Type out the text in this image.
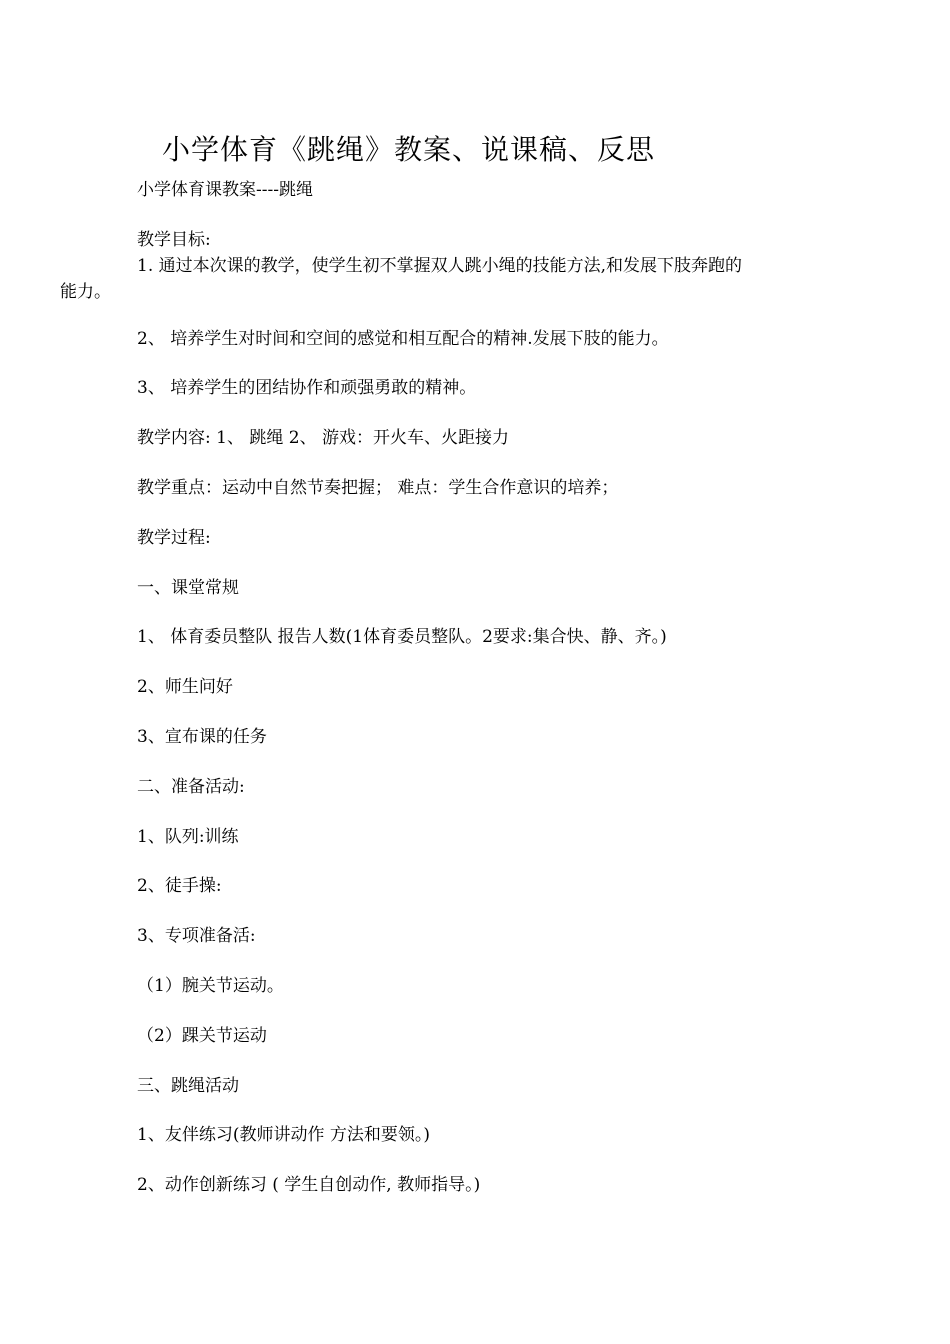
小学体育《跳绳》教案、说课稿、反思
小学体育课教案----跳绳
教学目标:
1. 通过本次课的教学，使学生初不掌握双人跳小绳的技能方法,和发展下肢奔跑的
能力。
2、 培养学生对时间和空间的感觉和相互配合的精神.发展下肢的能力。
3、 培养学生的团结协作和顽强勇敢的精神。
教学内容: 1、 跳绳 2、 游戏：开火车、火距接力
教学重点：运动中自然节奏把握； 难点：学生合作意识的培养；
教学过程:
一、课堂常规
1、 体育委员整队 报告人数(1体育委员整队。2要求:集合快、静、齐。)
2、师生问好
3、宣布课的任务
二、准备活动:
1、队列:训练
2、徒手操:
3、专项准备活:
（1）腕关节运动。
（2）踝关节运动
三、跳绳活动
1、友伴练习(教师讲动作 方法和要领。)
2、动作创新练习 ( 学生自创动作, 教师指导。)
